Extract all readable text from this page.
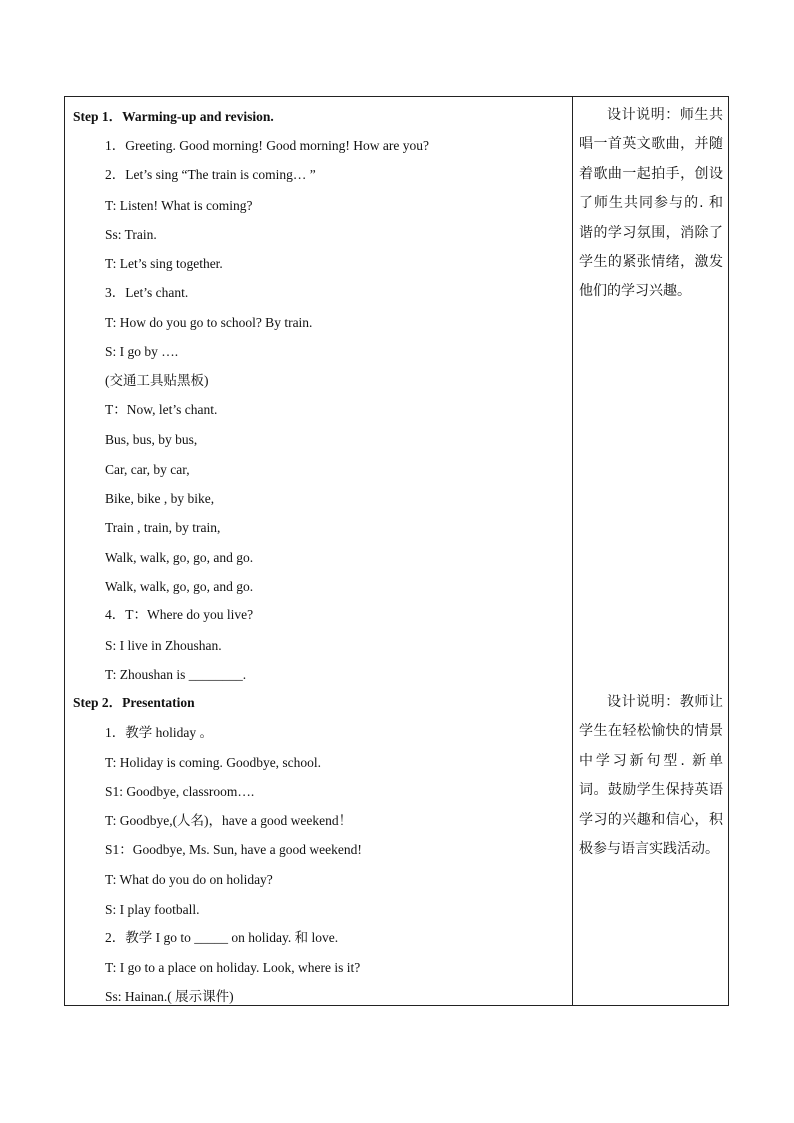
Step 1．Warming-up and revision.
1．Greeting. Good morning! Good morning! How are you?
2．Let’s sing “The train is coming… ”
T: Listen! What is coming?
Ss: Train.
T: Let’s sing together.
3．Let’s chant.
T: How do you go to school? By train.
S: I go by ….
(交通工具贴黑板)
T：Now, let’s chant.
Bus, bus, by bus,
Car, car, by car,
Bike, bike , by bike,
Train , train, by train,
Walk, walk, go, go, and go.
Walk, walk, go, go, and go.
4．T：Where do you live?
S: I live in Zhoushan.
T: Zhoushan is ________.
Step 2．Presentation
1．教学 holiday 。
T: Holiday is coming. Goodbye, school.
S1: Goodbye, classroom….
T: Goodbye,(人名)，have a good weekend！
S1：Goodbye, Ms. Sun, have a good weekend!
T: What do you do on holiday?
S: I play football.
2．教学 I go to _____ on holiday. 和 love.
T: I go to a place on holiday. Look, where is it?
Ss: Hainan.( 展示课件)
设计说明：师生共唱一首英文歌曲，并随着歌曲一起拍手，创设了师生共同参与的. 和谐的学习氛围，消除了学生的紧张情绪，激发他们的学习兴趣。
设计说明：教师让学生在轻松愉快的情景中学习新句型. 新单词。鼓励学生保持英语学习的兴趣和信心，积极参与语言实践活动。
